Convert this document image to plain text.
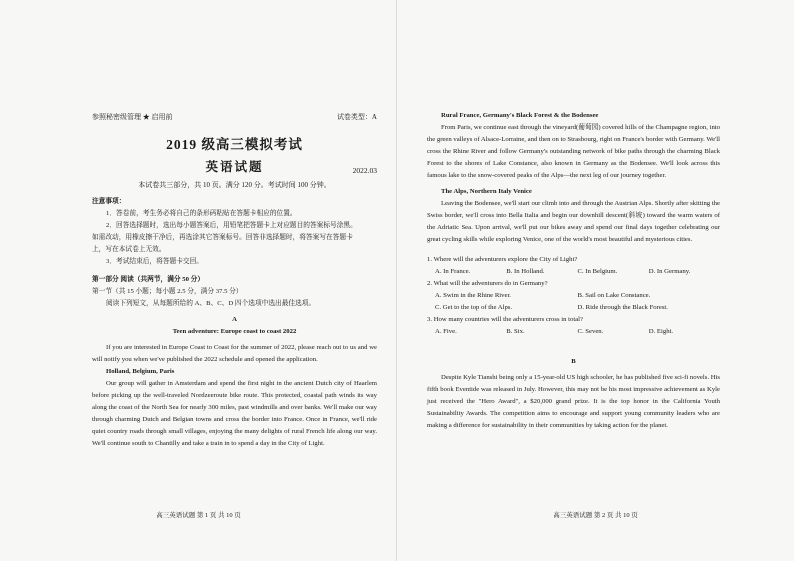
参照秘密级管理 ★ 启用前	试卷类型：A
2019 级高三模拟考试
英语试题	2022.03
本试卷共三部分，共 10 页。满分 120 分。考试时间 100 分钟。

注意事项：

1．答卷前，考生务必将自己的条形码粘贴在答题卡相应的位置。

2．回答选择题时，选出每小题答案后，用铅笔把答题卡上对应题目的答案标号涂黑。

如需改动，用橡皮擦干净后，再选涂其它答案标号。回答非选择题时，将答案写在答题卡

上，写在本试卷上无效。

3．考试结束后，将答题卡交回。

第一部分 阅读（共两节，满分 50 分）

第一节（共 15 小题；每小题 2.5 分，满分 37.5 分）

阅读下列短文，从每题所给的 A、B、C、D 四个选项中选出最佳选项。

A

Teen adventure: Europe coast to coast 2022

If you are interested in Europe Coast to Coast for the summer of 2022, please reach out to us and we will notify you when we've published the 2022 schedule and opened the application.

Holland, Belgium, Paris

Our group will gather in Amsterdam and spend the first night in the ancient Dutch city of Haarlem before picking up the well-traveled Nordzeeroute bike route. This protected, coastal path winds its way along the coast of the North Sea for nearly 300 miles, past windmills and over banks. We'll make our way through charming Dutch and Belgian towns and cross the border into France. Once in France, we'll ride quiet country roads through small villages, enjoying the many delights of rural French life along our way. We'll continue south to Chantilly and take a train in to spend a day in the City of Light.

高三英语试题 第 1 页 共 10 页

Rural France, Germany's Black Forest & the Bodensee

From Paris, we continue east through the vineyard(葡萄园) covered hills of the Champagne region, into the green valleys of Alsace-Lorraine, and then on to Strasbourg, right on France's border with Germany. We'll cross the Rhine River and follow Germany's outstanding network of bike paths through the charming Black Forest to the shores of Lake Constance, also known in Germany as the Bodensee. We'll look across this famous lake to the snow-covered peaks of the Alps—the next leg of our journey together.

The Alps, Northern Italy Venice

Leaving the Bodensee, we'll start our climb into and through the Austrian Alps. Shortly after skitting the Swiss border, we'll cross into Bella Italia and begin our downhill descent(斜坡) toward the warm waters of the Adriatic Sea. Upon arrival, we'll put our bikes away and spend our final days together celebrating our great cycling skills while exploring Venice, one of the world's most beautiful and mysterious cities.

1. Where will the adventurers explore the City of Light?

A. In France.	B. In Holland.	C. In Belgium.	D. In Germany.

2. What will the adventurers do in Germany?

A. Swim in the Rhine River.	B. Sail on Lake Constance.
C. Get to the top of the Alps.	D. Ride through the Black Forest.

3. How many countries will the adventurers cross in total?

A. Five.	B. Six.	C. Seven.	D. Eight.

B

Despite Kyle Tianshi being only a 15-year-old US high schooler, he has published five sci-fi novels. His fifth book Eventide was released in July. However, this may not be his most impressive achievement as Kyle just received the "Hero Award", a $20,000 grand prize. It is the top honor in the California Youth Sustainability Awards. The competition aims to encourage and support young community leaders who are making a difference for sustainability in their communities by taking action for the planet.

高三英语试题 第 2 页 共 10 页
